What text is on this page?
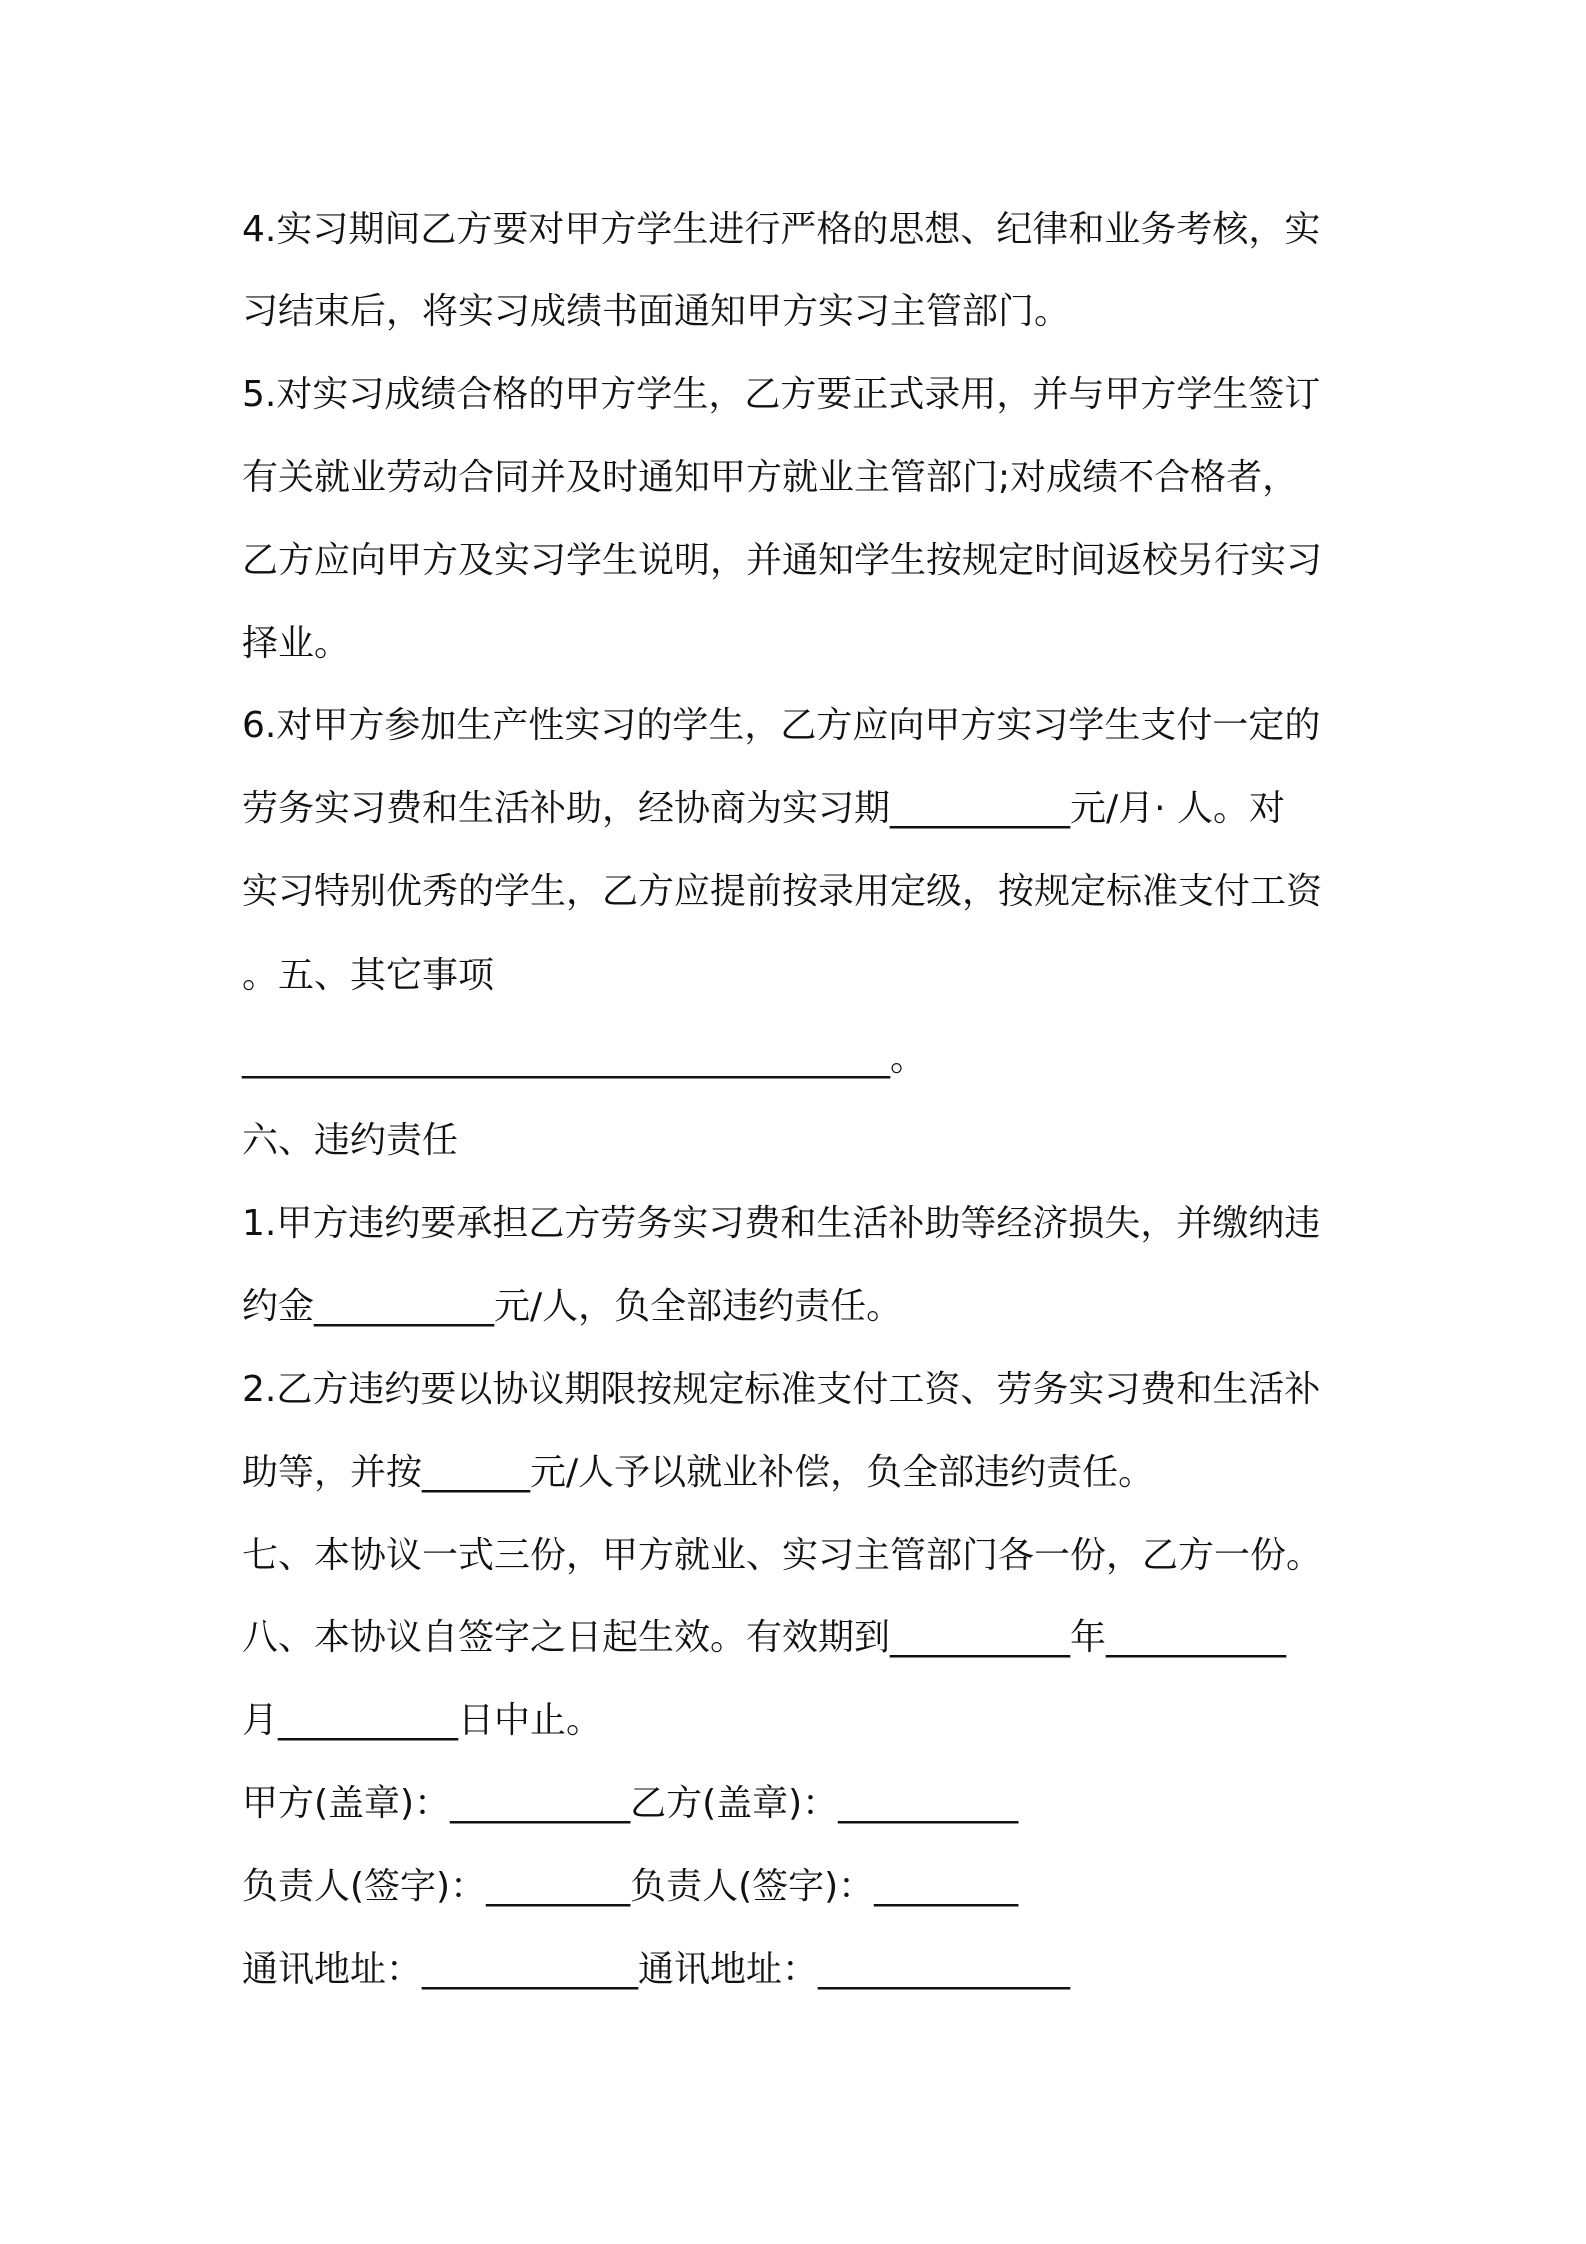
4.实习期间乙方要对甲方学生进行严格的思想、纪律和业务考核，实
习结束后，将实习成绩书面通知甲方实习主管部门。
5.对实习成绩合格的甲方学生，乙方要正式录用，并与甲方学生签订
有关就业劳动合同并及时通知甲方就业主管部门;对成绩不合格者，
乙方应向甲方及实习学生说明，并通知学生按规定时间返校另行实习
择业。
6.对甲方参加生产性实习的学生，乙方应向甲方实习学生支付一定的
劳务实习费和生活补助，经协商为实习期__________元/月· 人。对
实习特别优秀的学生，乙方应提前按录用定级，按规定标准支付工资
。五、其它事项
____________________________________。
六、违约责任
1.甲方违约要承担乙方劳务实习费和生活补助等经济损失，并缴纳违
约金__________元/人，负全部违约责任。
2.乙方违约要以协议期限按规定标准支付工资、劳务实习费和生活补
助等，并按______元/人予以就业补偿，负全部违约责任。
七、本协议一式三份，甲方就业、实习主管部门各一份，乙方一份。
八、本协议自签字之日起生效。有效期到__________年__________
月__________日中止。
甲方(盖章)：__________乙方(盖章)：__________
负责人(签字)：________负责人(签字)：________
通讯地址：____________通讯地址：______________
